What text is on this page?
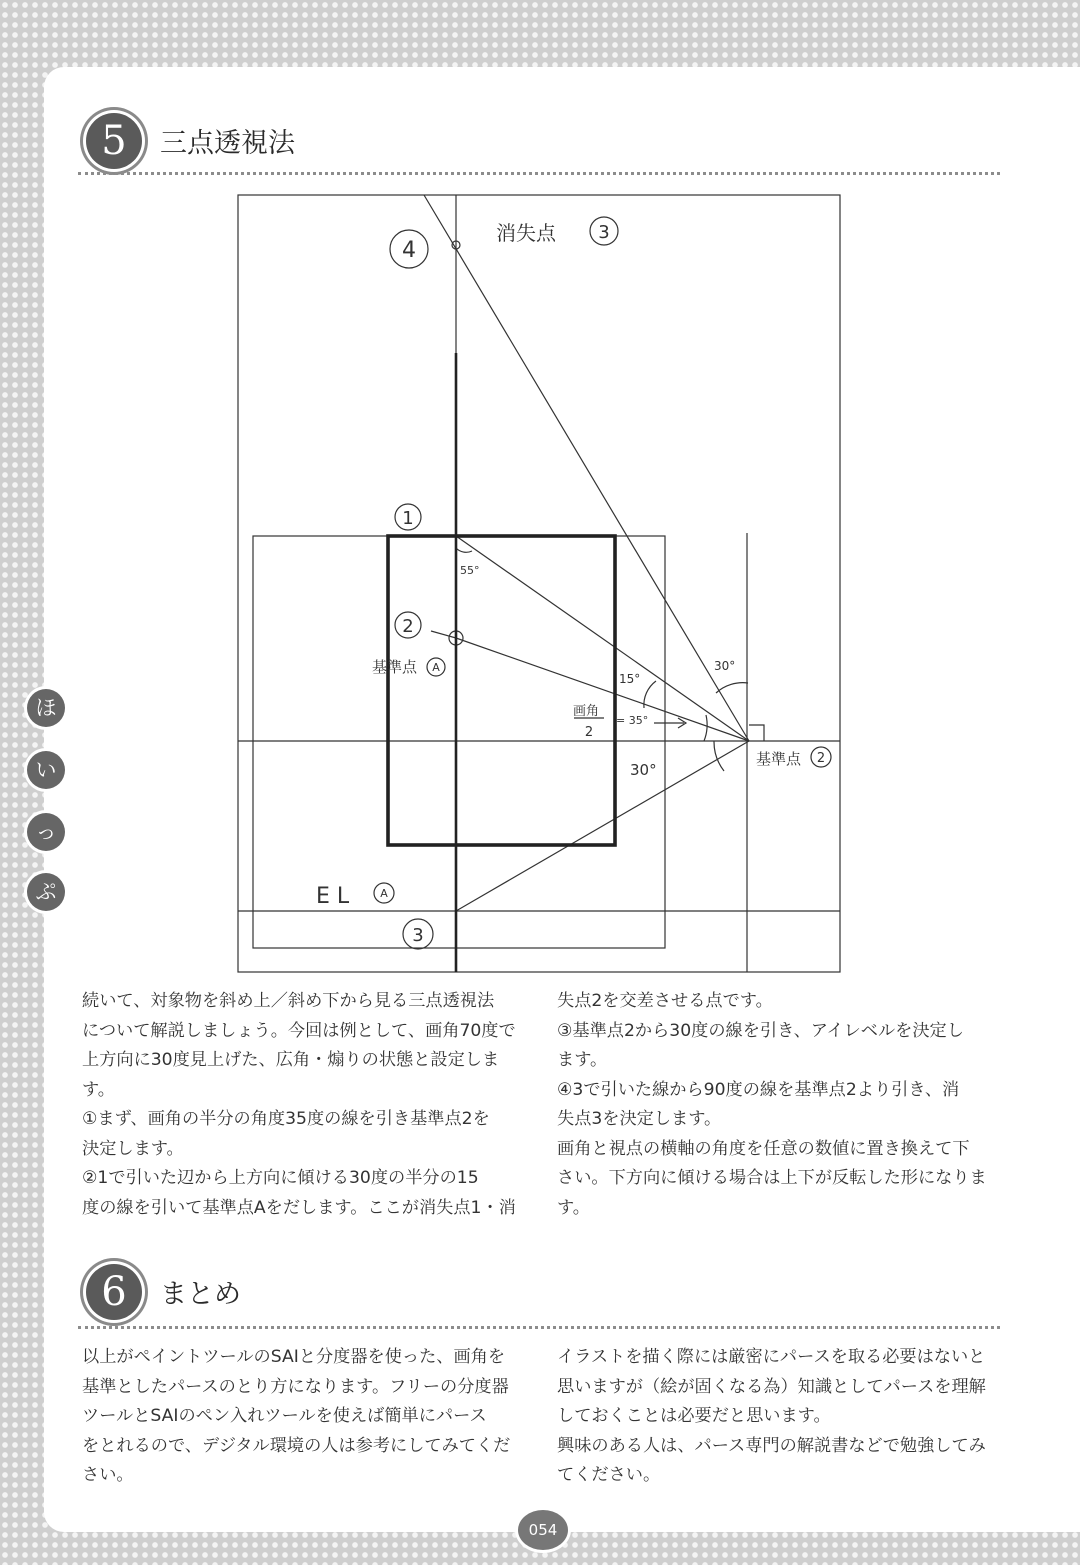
5	三点透視法
4
消失点 3
1
2
55°
基準点 A
15°
30°
画角
2
= 35°
30°
基準点 2
3
E L	A

続いて、対象物を斜め上／斜め下から見る三点透視法

について解説しましょう。今回は例として、画角70度で

上方向に30度見上げた、広角・煽りの状態と設定しま

す。

①まず、画角の半分の角度35度の線を引き基準点2を

決定します。

②1で引いた辺から上方向に傾ける30度の半分の15

度の線を引いて基準点Aをだします。ここが消失点1・消

失点2を交差させる点です。

③基準点2から30度の線を引き、アイレベルを決定し

ます。

④3で引いた線から90度の線を基準点2より引き、消

失点3を決定します。

画角と視点の横軸の角度を任意の数値に置き換えて下

さい。下方向に傾ける場合は上下が反転した形になりま

す。

6	まとめ

以上がペイントツールのSAIと分度器を使った、画角を

基準としたパースのとり方になります。フリーの分度器

ツールとSAIのペン入れツールを使えば簡単にパース

をとれるので、デジタル環境の人は参考にしてみてくだ

さい。

イラストを描く際には厳密にパースを取る必要はないと

思いますが（絵が固くなる為）知識としてパースを理解

しておくことは必要だと思います。

興味のある人は、パース専門の解説書などで勉強してみ

てください。

ほ
い
っ
ぷ
054
